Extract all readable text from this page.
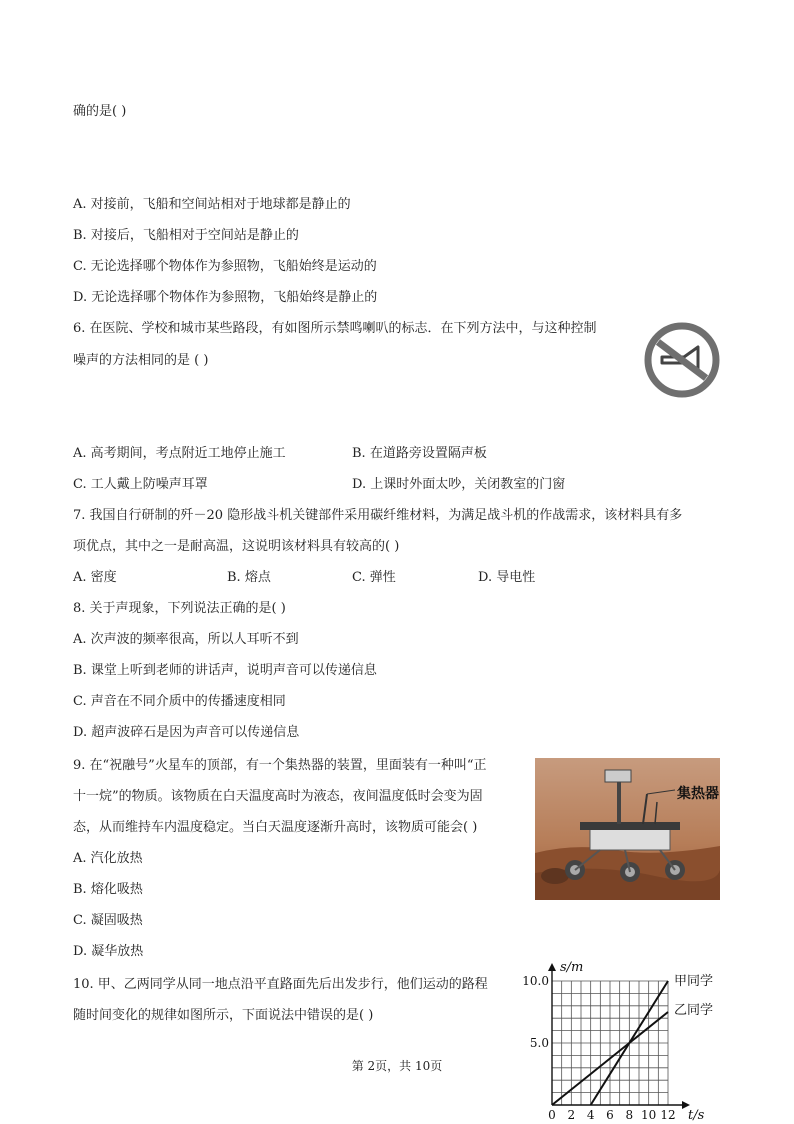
确的是( )
A. 对接前，飞船和空间站相对于地球都是静止的
B. 对接后，飞船相对于空间站是静止的
C. 无论选择哪个物体作为参照物，飞船始终是运动的
D. 无论选择哪个物体作为参照物，飞船始终是静止的
6. 在医院、学校和城市某些路段，有如图所示禁鸣喇叭的标志．在下列方法中，与这种控制
噪声的方法相同的是 ( )
A. 高考期间，考点附近工地停止施工	B. 在道路旁设置隔声板
C. 工人戴上防噪声耳罩	D. 上课时外面太吵，关闭教室的门窗
7. 我国自行研制的歼－20 隐形战斗机关键部件采用碳纤维材料，为满足战斗机的作战需求，该材料具有多
项优点，其中之一是耐高温，这说明该材料具有较高的( )
A. 密度	B. 熔点	C. 弹性	D. 导电性
8. 关于声现象，下列说法正确的是( )
A. 次声波的频率很高，所以人耳听不到
B. 课堂上听到老师的讲话声，说明声音可以传递信息
C. 声音在不同介质中的传播速度相同
D. 超声波碎石是因为声音可以传递信息
9. 在“祝融号”火星车的顶部，有一个集热器的装置，里面装有一种叫“正
十一烷”的物质。该物质在白天温度高时为液态，夜间温度低时会变为固
态，从而维持车内温度稳定。当白天温度逐渐升高时，该物质可能会( )
A. 汽化放热
B. 熔化吸热
C. 凝固吸热
D. 凝华放热
集热器
10. 甲、乙两同学从同一地点沿平直路面先后出发步行，他们运动的路程
随时间变化的规律如图所示，下面说法中错误的是( )
s/m
t/s
0 2 4 6 8 10 12
5.0
10.0	甲同学
乙同学
第 2页，共 10页
